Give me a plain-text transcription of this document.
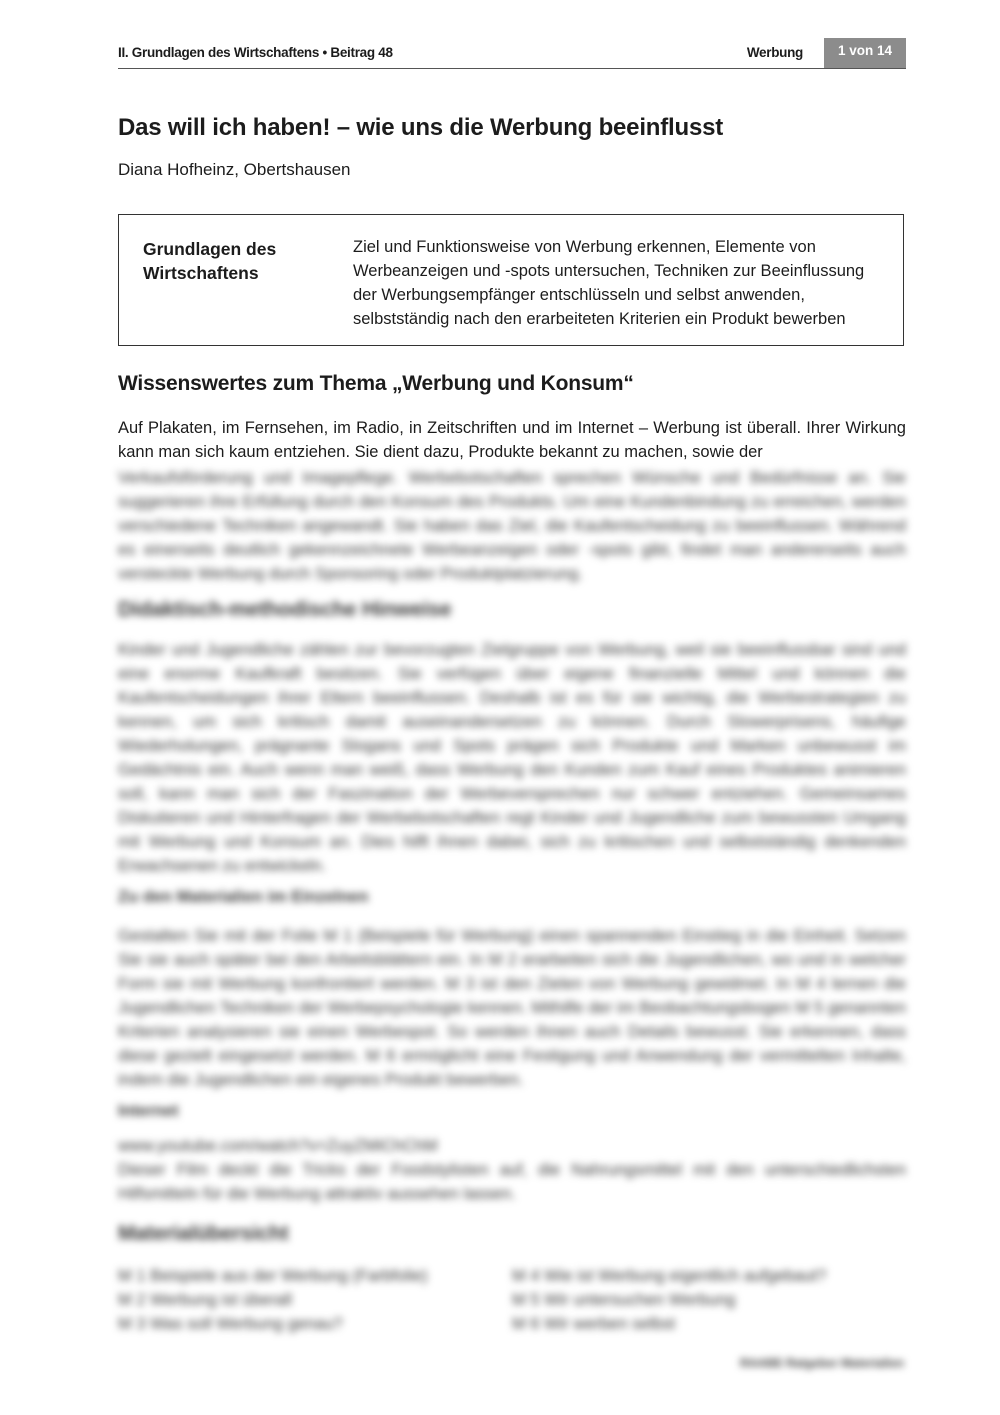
II. Grundlagen des Wirtschaftens • Beitrag 48	Werbung	1 von 14
Das will ich haben! – wie uns die Werbung beeinflusst
Diana Hofheinz, Obertshausen
Grundlagen des Wirtschaftens
Ziel und Funktionsweise von Werbung erkennen, Elemente von Werbeanzeigen und -spots untersuchen, Techniken zur Beeinflussung der Werbungsempfänger entschlüsseln und selbst anwenden, selbstständig nach den erarbeiteten Kriterien ein Produkt bewerben
Wissenswertes zum Thema „Werbung und Konsum“

Auf Plakaten, im Fernsehen, im Radio, in Zeitschriften und im Internet – Werbung ist überall. Ihrer Wirkung kann man sich kaum entziehen. Sie dient dazu, Produkte bekannt zu machen, sowie der

Verkaufsförderung und Imagepflege. Werbebotschaften sprechen Wünsche und Bedürfnisse an. Sie suggerieren ihre Erfüllung durch den Konsum des Produkts. Um eine Kundenbindung zu erreichen, werden verschiedene Techniken angewandt. Sie haben das Ziel, die Kaufentscheidung zu beeinflussen. Während es einerseits deutlich gekennzeichnete Werbeanzeigen oder -spots gibt, findet man andererseits auch versteckte Werbung durch Sponsoring oder Produktplatzierung.

Didaktisch-methodische Hinweise

Kinder und Jugendliche zählen zur bevorzugten Zielgruppe von Werbung, weil sie beeinflussbar sind und eine enorme Kaufkraft besitzen. Sie verfügen über eigene finanzielle Mittel und können die Kaufentscheidungen ihrer Eltern beeinflussen. Deshalb ist es für sie wichtig, die Werbestrategien zu kennen, um sich kritisch damit auseinandersetzen zu können. Durch Slowerprisens, häufige Wiederholungen, prägnante Slogans und Spots prägen sich Produkte und Marken unbewusst im Gedächtnis ein. Auch wenn man weiß, dass Werbung den Kunden zum Kauf eines Produktes animieren soll, kann man sich der Faszination der Werbeversprechen nur schwer entziehen. Gemeinsames Diskutieren und Hinterfragen der Werbebotschaften regt Kinder und Jugendliche zum bewussten Umgang mit Werbung und Konsum an. Dies hilft ihnen dabei, sich zu kritischen und selbstständig denkenden Erwachsenen zu entwickeln.

Zu den Materialien im Einzelnen

Gestalten Sie mit der Folie M 1 (Beispiele für Werbung) einen spannenden Einstieg in die Einheit. Setzen Sie sie auch später bei den Arbeitsblättern ein. In M 2 erarbeiten sich die Jugendlichen, wo und in welcher Form sie mit Werbung konfrontiert werden. M 3 ist den Zielen von Werbung gewidmet. In M 4 lernen die Jugendlichen Techniken der Werbepsychologie kennen. Mithilfe der im Beobachtungsbogen M 5 genannten Kriterien analysieren sie einen Werbespot. So werden ihnen auch Details bewusst. Sie erkennen, dass diese gezielt eingesetzt werden. M 6 ermöglicht eine Festigung und Anwendung der vermittelten Inhalte, indem die Jugendlichen ein eigenes Produkt bewerben.

Internet

www.youtube.com/watch?v=ZuyZMiChChM

Dieser Film deckt die Tricks der Foodstylisten auf, die Nahrungsmittel mit den unterschiedlichsten Hilfsmitteln für die Werbung attraktiv aussehen lassen.

Materialübersicht
M 1 Beispiele aus der Werbung (Farbfolie)
M 2 Werbung ist überall
M 3 Was soll Werbung genau?
M 4 Wie ist Werbung eigentlich aufgebaut?
M 5 Wir untersuchen Werbung
M 6 Wir werben selbst
RAABE Ratgeber Materialien
